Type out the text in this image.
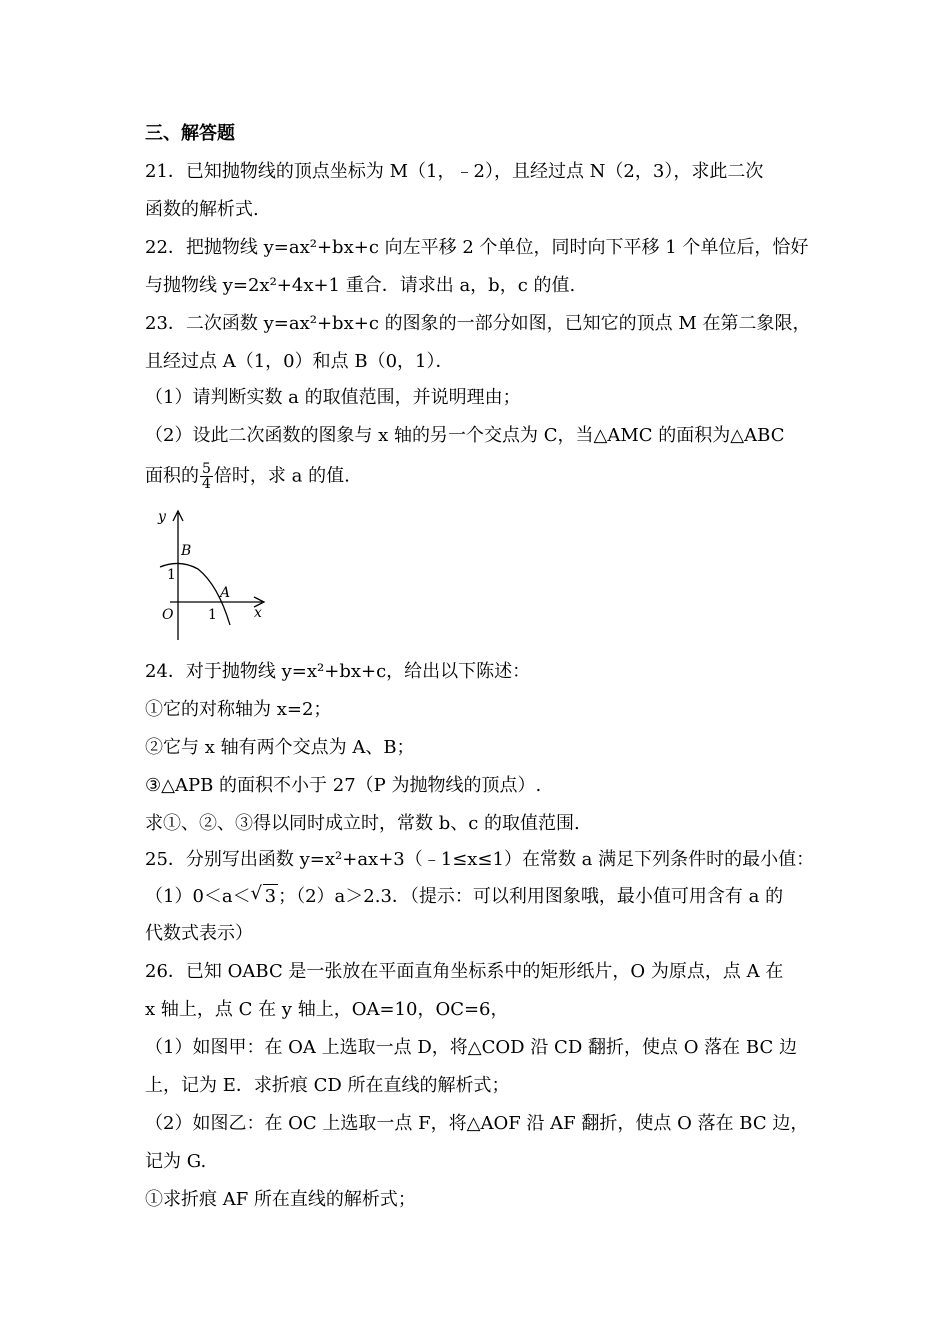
三、解答题
21．已知抛物线的顶点坐标为 M（1，﹣2），且经过点 N（2，3），求此二次
函数的解析式.
22．把抛物线 y=ax²+bx+c 向左平移 2 个单位，同时向下平移 1 个单位后，恰好
与抛物线 y=2x²+4x+1 重合．请求出 a，b，c 的值.
23．二次函数 y=ax²+bx+c 的图象的一部分如图，已知它的顶点 M 在第二象限，
且经过点 A（1，0）和点 B（0，1）．
（1）请判断实数 a 的取值范围，并说明理由；
（2）设此二次函数的图象与 x 轴的另一个交点为 C，当△AMC 的面积为△ABC
面积的 $\frac{5}{4}$ 倍时，求 a 的值.
y
x
B
A
O
1
1
24．对于抛物线 y=x²+bx+c，给出以下陈述：
①它的对称轴为 x=2；
②它与 x 轴有两个交点为 A、B；
③△APB 的面积不小于 27（P 为抛物线的顶点）.
求①、②、③得以同时成立时，常数 b、c 的取值范围.
25．分别写出函数 y=x²+ax+3（﹣1≤x≤1）在常数 a 满足下列条件时的最小值：
（1）0＜a＜√ 3 ；（2）a＞2.3．（提示：可以利用图象哦，最小值可用含有 a 的
代数式表示）
26．已知 OABC 是一张放在平面直角坐标系中的矩形纸片，O 为原点，点 A 在
x 轴上，点 C 在 y 轴上，OA=10，OC=6，
（1）如图甲：在 OA 上选取一点 D，将△COD 沿 CD 翻折，使点 O 落在 BC 边
上，记为 E．求折痕 CD 所在直线的解析式；
（2）如图乙：在 OC 上选取一点 F，将△AOF 沿 AF 翻折，使点 O 落在 BC 边，
记为 G.
①求折痕 AF 所在直线的解析式；
